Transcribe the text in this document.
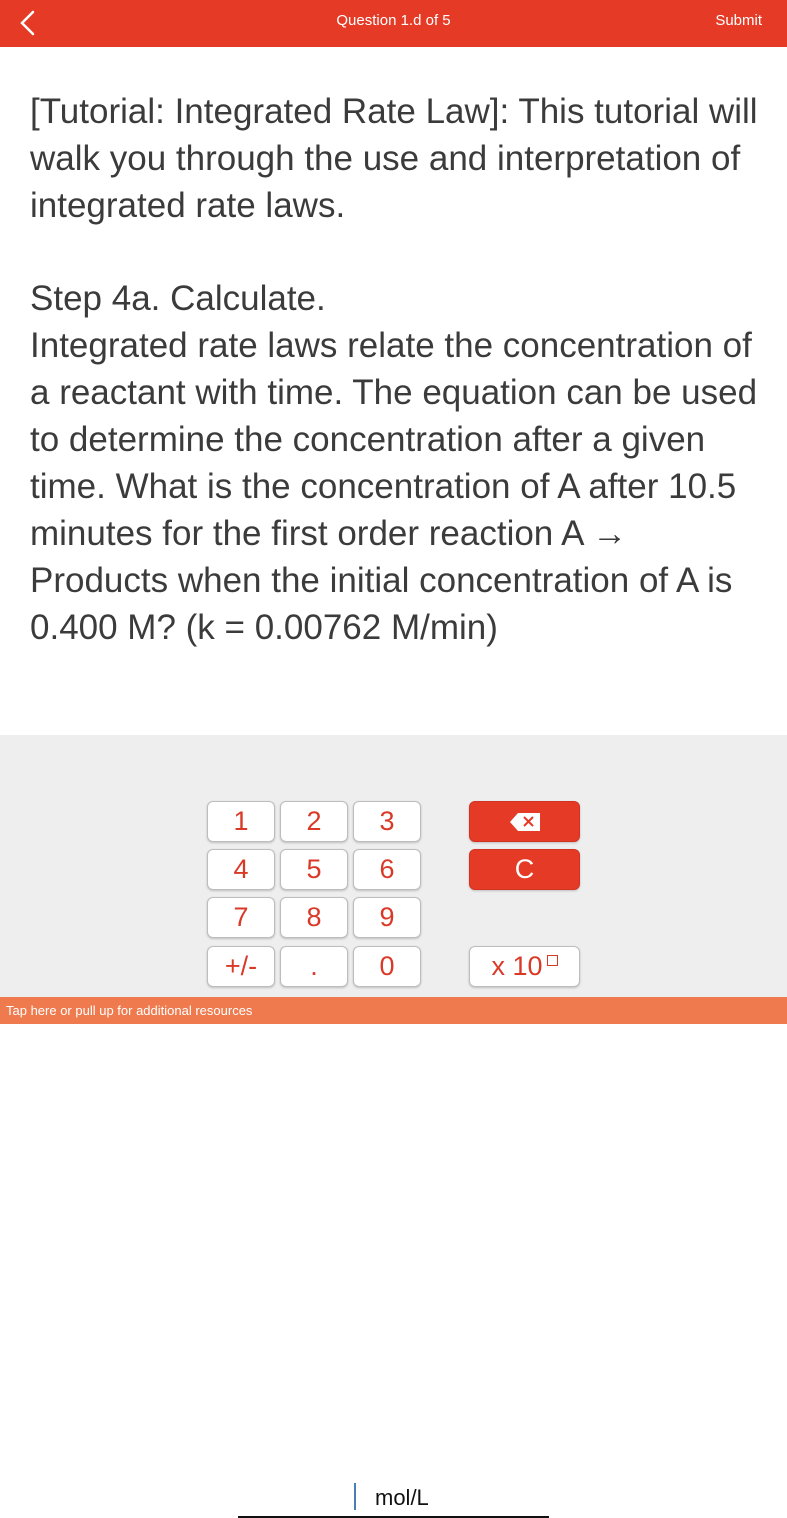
Question 1.d of 5	Submit
[Tutorial: Integrated Rate Law]: This tutorial will walk you through the use and interpretation of integrated rate laws.
Step 4a. Calculate.
Integrated rate laws relate the concentration of a reactant with time. The equation can be used to determine the concentration after a given time. What is the concentration of A after 10.5 minutes for the first order reaction A → Products when the initial concentration of A is 0.400 M? (k = 0.00762 M/min)
mol/L
1	2	3
4	5	6
7	8	9
+/-	.	0
C
x 10
Tap here or pull up for additional resources
